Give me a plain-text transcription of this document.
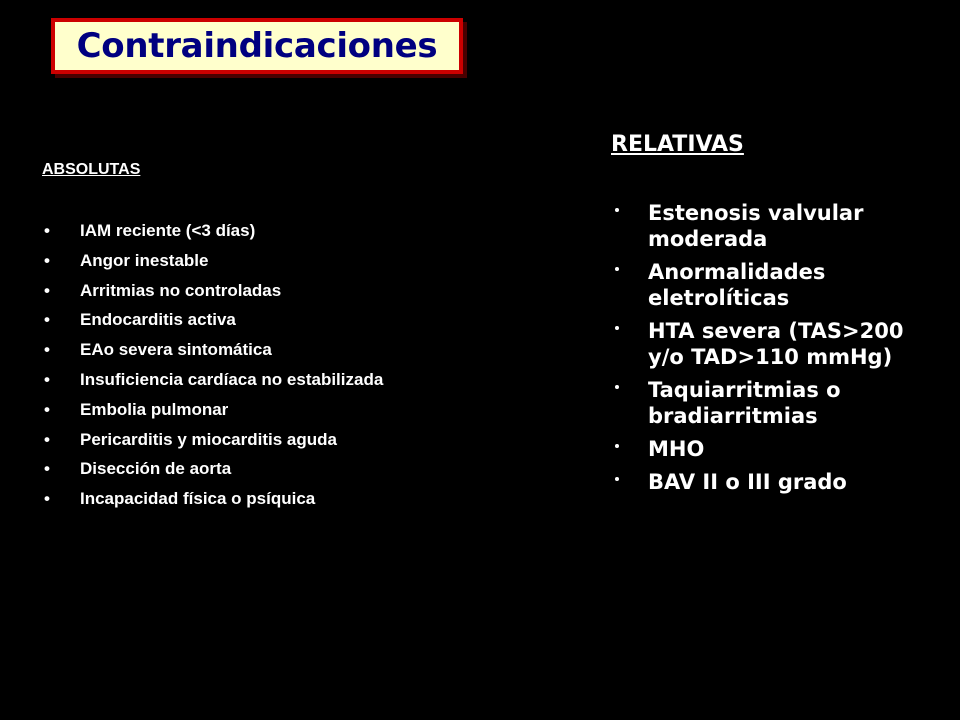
Contraindicaciones
ABSOLUTAS
•	IAM reciente (<3 días)
•	Angor inestable
•	Arritmias no controladas
•	Endocarditis activa
•	EAo severa sintomática
•	Insuficiencia cardíaca no estabilizada
•	Embolia pulmonar
•	Pericarditis y miocarditis aguda
•	Disección de aorta
•	Incapacidad física o psíquica
RELATIVAS
Estenosis valvular moderada
Anormalidades eletrolíticas
HTA severa (TAS>200 y/o TAD>110 mmHg)
Taquiarritmias o bradiarritmias
MHO
BAV II o III grado
